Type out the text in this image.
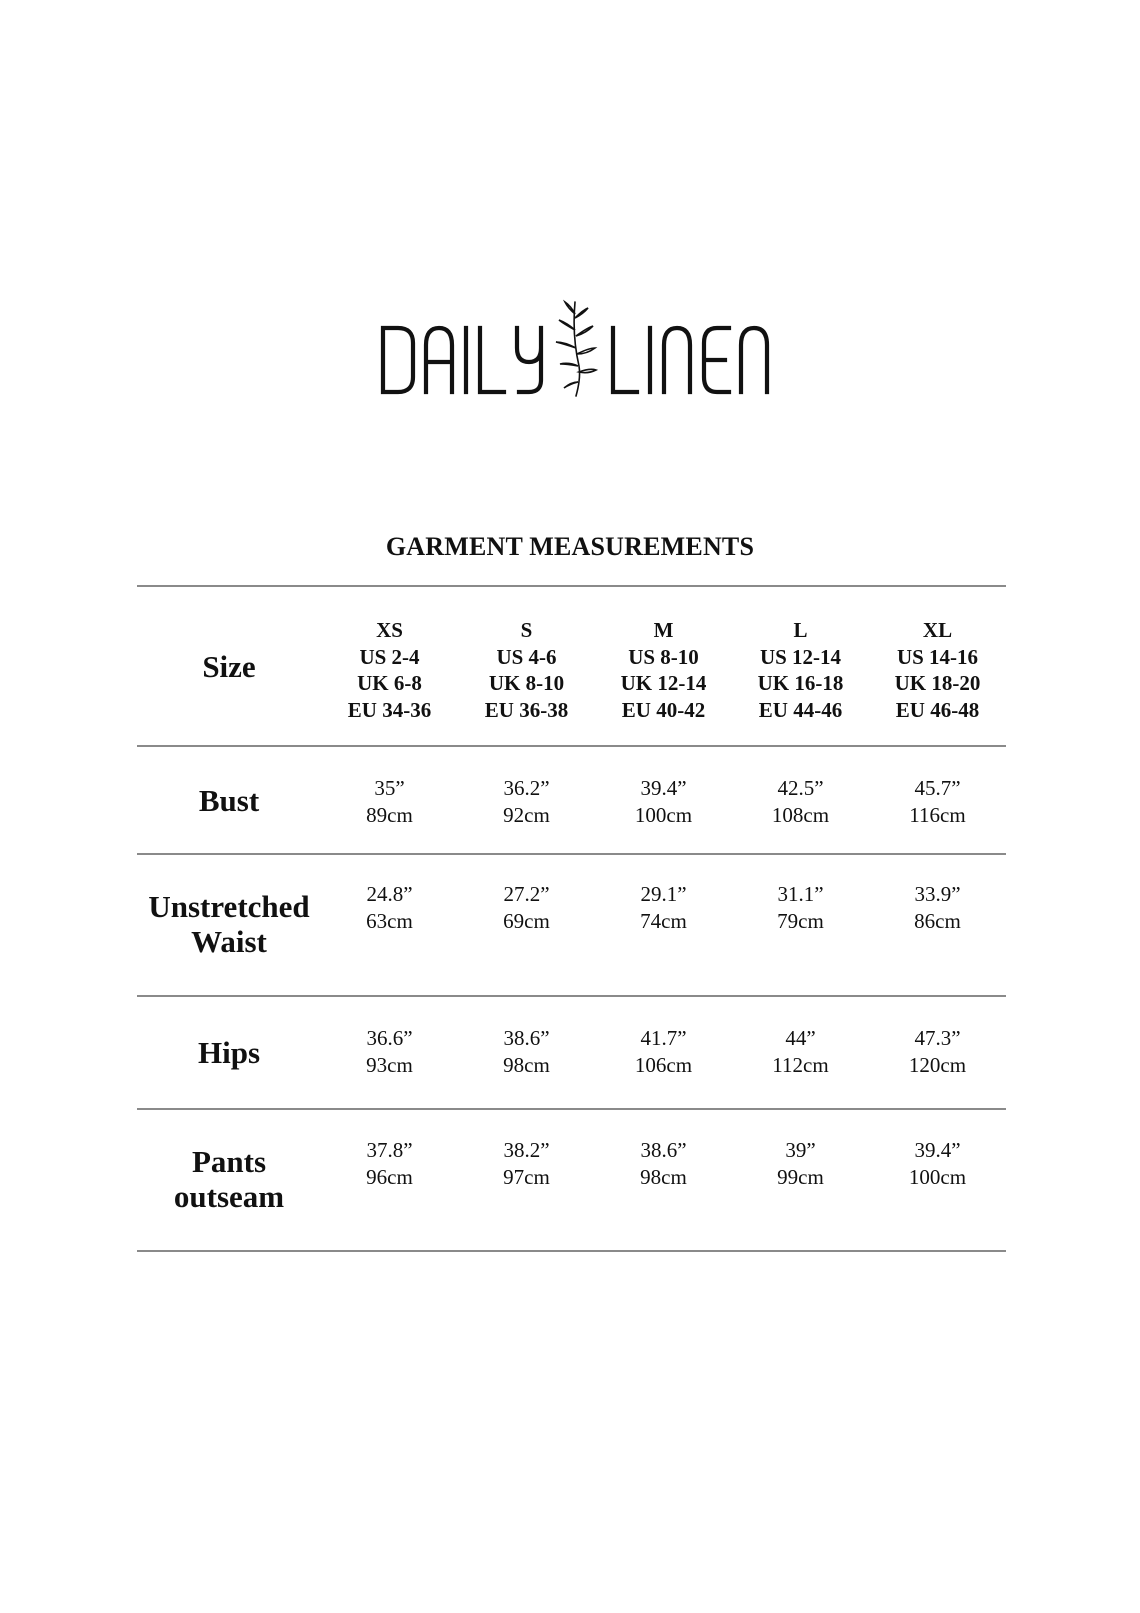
GARMENT MEASUREMENTS
Size
XS
US 2-4
UK 6-8
EU 34-36
S
US 4-6
UK 8-10
EU 36-38
M
US 8-10
UK 12-14
EU 40-42
L
US 12-14
UK 16-18
EU 44-46
XL
US 14-16
UK 18-20
EU 46-48
Bust	35”
89cm
36.2”
92cm
39.4”
100cm
42.5”
108cm
45.7”
116cm
Unstretched
Waist
24.8”
63cm
27.2”
69cm
29.1”
74cm
31.1”
79cm
33.9”
86cm
Hips	36.6”
93cm
38.6”
98cm
41.7”
106cm
44”
112cm
47.3”
120cm
Pants
outseam
37.8”
96cm
38.2”
97cm
38.6”
98cm
39”
99cm
39.4”
100cm
